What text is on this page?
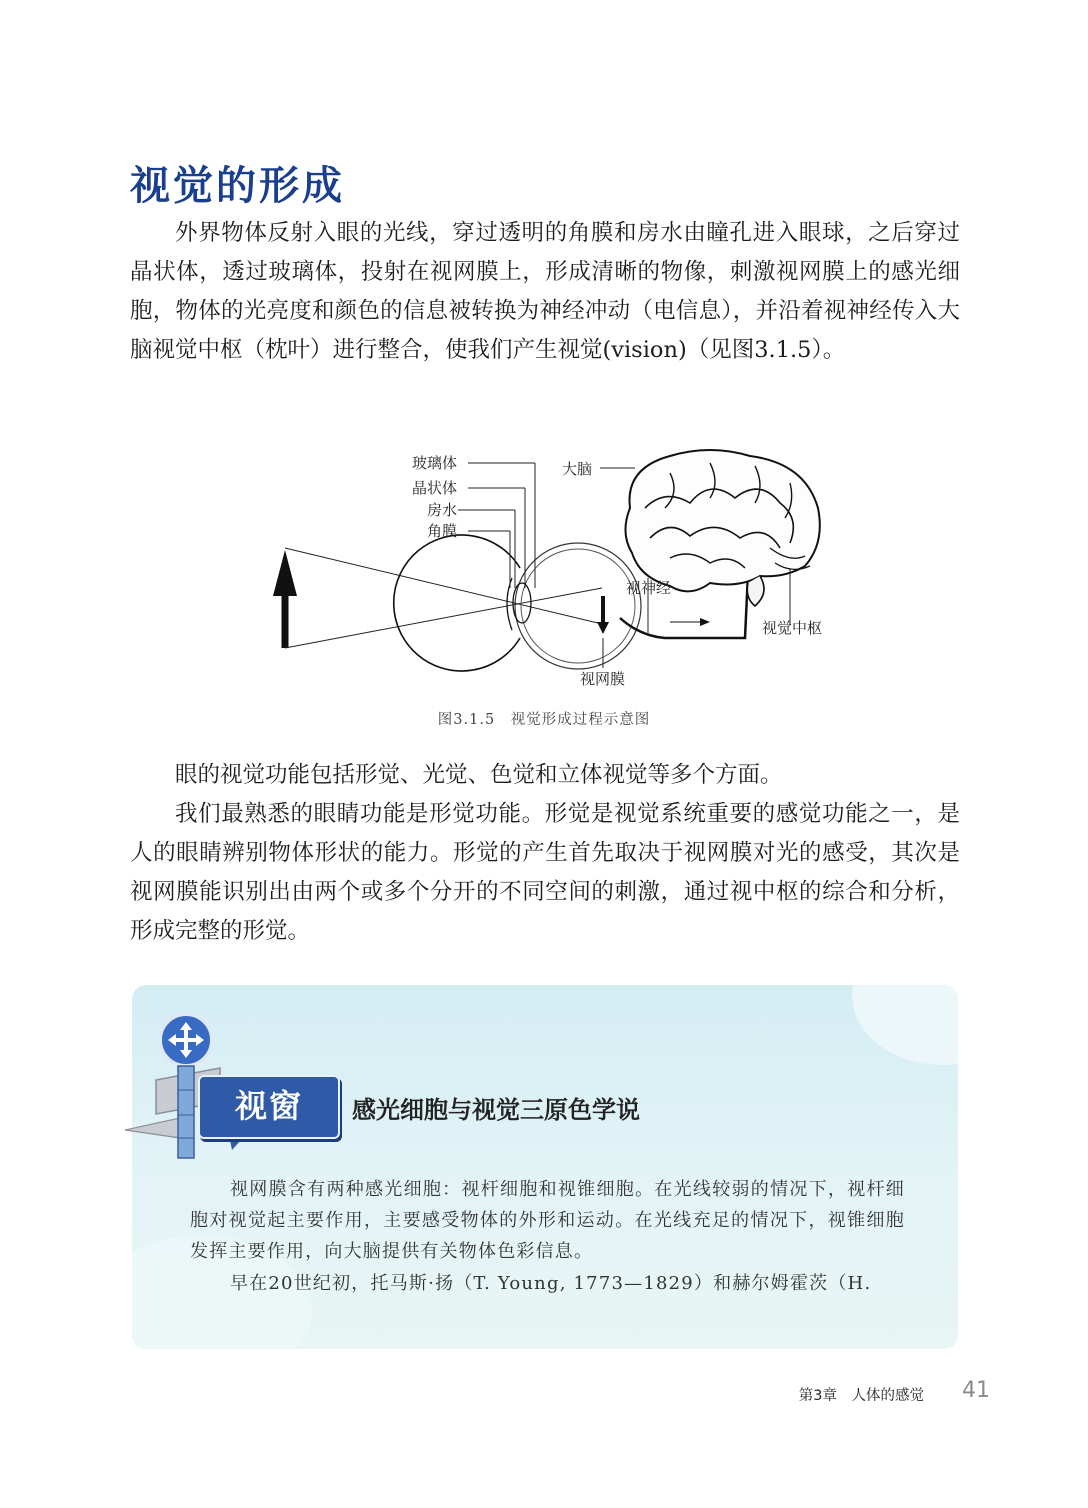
视觉的形成

外界物体反射入眼的光线，穿过透明的角膜和房水由瞳孔进入眼球，之后穿过晶状体，透过玻璃体，投射在视网膜上，形成清晰的物像，刺激视网膜上的感光细胞，物体的光亮度和颜色的信息被转换为神经冲动（电信息），并沿着视神经传入大脑视觉中枢（枕叶）进行整合，使我们产生视觉(vision)（见图3.1.5）。

玻璃体
晶状体
房水
角膜
大脑
视神经
视觉中枢
视网膜
图3.1.5　视觉形成过程示意图

眼的视觉功能包括形觉、光觉、色觉和立体视觉等多个方面。

我们最熟悉的眼睛功能是形觉功能。形觉是视觉系统重要的感觉功能之一，是人的眼睛辨别物体形状的能力。形觉的产生首先取决于视网膜对光的感受，其次是视网膜能识别出由两个或多个分开的不同空间的刺激，通过视中枢的综合和分析，形成完整的形觉。

视窗	感光细胞与视觉三原色学说

视网膜含有两种感光细胞：视杆细胞和视锥细胞。在光线较弱的情况下，视杆细胞对视觉起主要作用，主要感受物体的外形和运动。在光线充足的情况下，视锥细胞发挥主要作用，向大脑提供有关物体色彩信息。

早在20世纪初，托马斯·扬（T. Young, 1773—1829）和赫尔姆霍茨（H.

第3章　人体的感觉 41
